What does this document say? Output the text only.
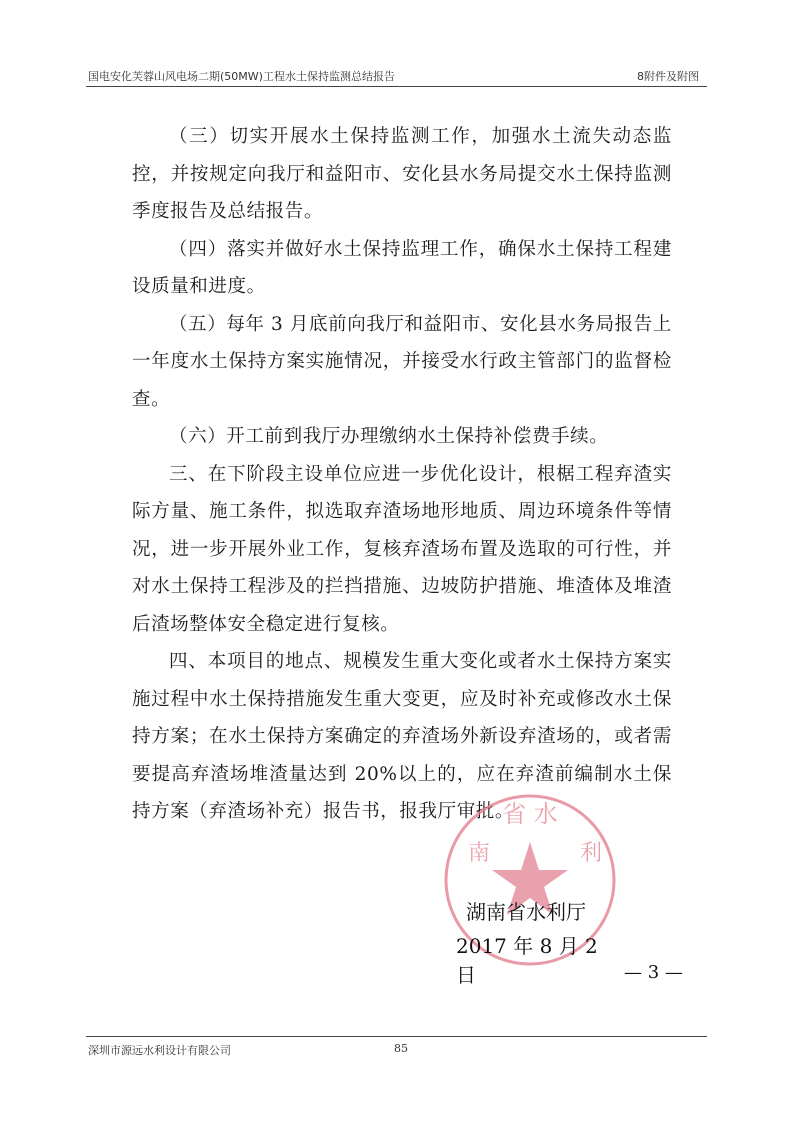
国电安化芙蓉山风电场二期(50MW)工程水土保持监测总结报告	8附件及附图

（三）切实开展水土保持监测工作，加强水土流失动态监控，并按规定向我厅和益阳市、安化县水务局提交水土保持监测季度报告及总结报告。

（四）落实并做好水土保持监理工作，确保水土保持工程建设质量和进度。

（五）每年 3 月底前向我厅和益阳市、安化县水务局报告上一年度水土保持方案实施情况，并接受水行政主管部门的监督检查。

（六）开工前到我厅办理缴纳水土保持补偿费手续。

三、在下阶段主设单位应进一步优化设计，根椐工程弃渣实际方量、施工条件，拟选取弃渣场地形地质、周边环境条件等情况，进一步开展外业工作，复核弃渣场布置及选取的可行性，并对水土保持工程涉及的拦挡措施、边坡防护措施、堆渣体及堆渣后渣场整体安全稳定进行复核。

四、本项目的地点、规模发生重大变化或者水土保持方案实施过程中水土保持措施发生重大变更，应及时补充或修改水土保持方案；在水土保持方案确定的弃渣场外新设弃渣场的，或者需要提高弃渣场堆渣量达到 20%以上的，应在弃渣前编制水土保持方案（弃渣场补充）报告书，报我厅审批。

省 水
南	利
湖南省水利厅
2017 年 8 月 2 日	— 3 —
深圳市源远水利设计有限公司	85
